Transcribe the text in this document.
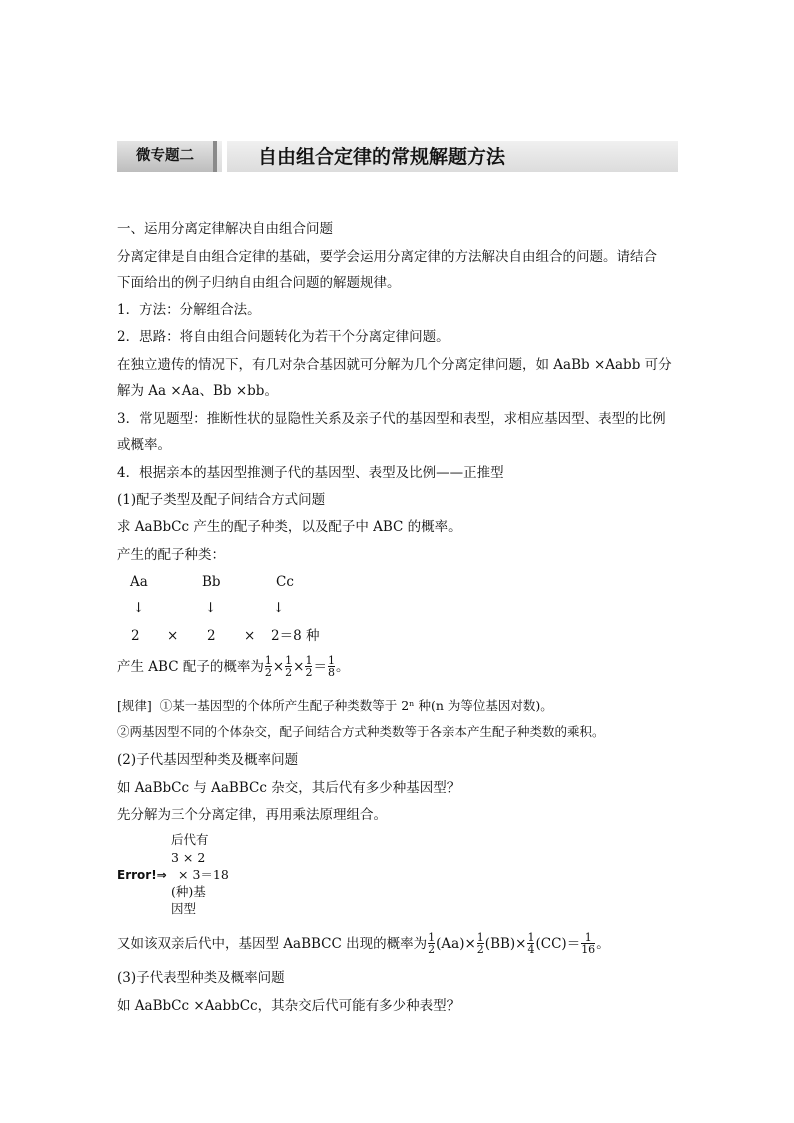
微专题二	自由组合定律的常规解题方法
一、运用分离定律解决自由组合问题
分离定律是自由组合定律的基础，要学会运用分离定律的方法解决自由组合的问题。请结合
下面给出的例子归纳自由组合问题的解题规律。
1．方法：分解组合法。
2．思路：将自由组合问题转化为若干个分离定律问题。
在独立遗传的情况下，有几对杂合基因就可分解为几个分离定律问题，如 AaBb ×Aabb 可分
解为 Aa ×Aa、Bb ×bb。
3．常见题型：推断性状的显隐性关系及亲子代的基因型和表型，求相应基因型、表型的比例
或概率。
4．根据亲本的基因型推测子代的基因型、表型及比例——正推型
(1)配子类型及配子间结合方式问题
求 AaBbCc 产生的配子种类，以及配子中 ABC 的概率。
产生的配子种类：
Aa	Bb	Cc
↓	↓	↓
2 × 2 × 2＝8 种
产生 ABC 配子的概率为 $\frac{1}{2} \times \frac{1}{2} \times \frac{1}{2} = \frac{1}{8}$ 。
[规律] ①某一基因型的个体所产生配子种类数等于 2ⁿ 种(n 为等位基因对数)。
②两基因型不同的个体杂交，配子间结合方式种类数等于各亲本产生配子种类数的乘积。
(2)子代基因型种类及概率问题
如 AaBbCc 与 AaBBCc 杂交，其后代有多少种基因型？
先分解为三个分离定律，再用乘法原理组合。
后代有
3 × 2
Error!⇒ × 3＝18
(种)基
因型
又如该双亲后代中，基因型 AaBBCC 出现的概率为 $\frac{1}{2} (Aa) \times \frac{1}{2} (BB) \times \frac{1}{4} (CC) = \frac{1}{16}$ 。
(3)子代表型种类及概率问题
如 AaBbCc ×AabbCc，其杂交后代可能有多少种表型？
